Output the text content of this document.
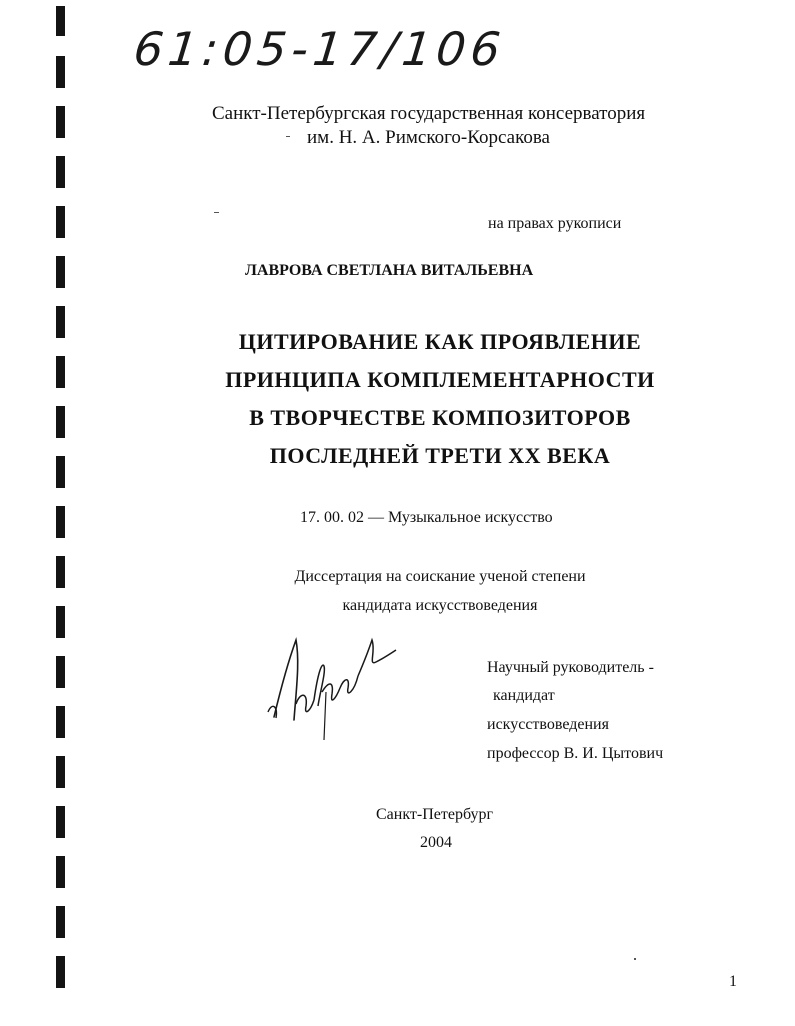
61:05-17/106
Санкт-Петербургская государственная консерватория
им. Н. А. Римского-Корсакова
на правах рукописи
ЛАВРОВА СВЕТЛАНА ВИТАЛЬЕВНА
ЦИТИРОВАНИЕ КАК ПРОЯВЛЕНИЕ
ПРИНЦИПА КОМПЛЕМЕНТАРНОСТИ
В ТВОРЧЕСТВЕ КОМПОЗИТОРОВ
ПОСЛЕДНЕЙ ТРЕТИ ХХ ВЕКА
17. 00. 02 — Музыкальное искусство
Диссертация на соискание ученой степени
кандидата искусствоведения
Научный руководитель -
кандидат
искусствоведения
профессор В. И. Цытович
Санкт-Петербург
2004
1
